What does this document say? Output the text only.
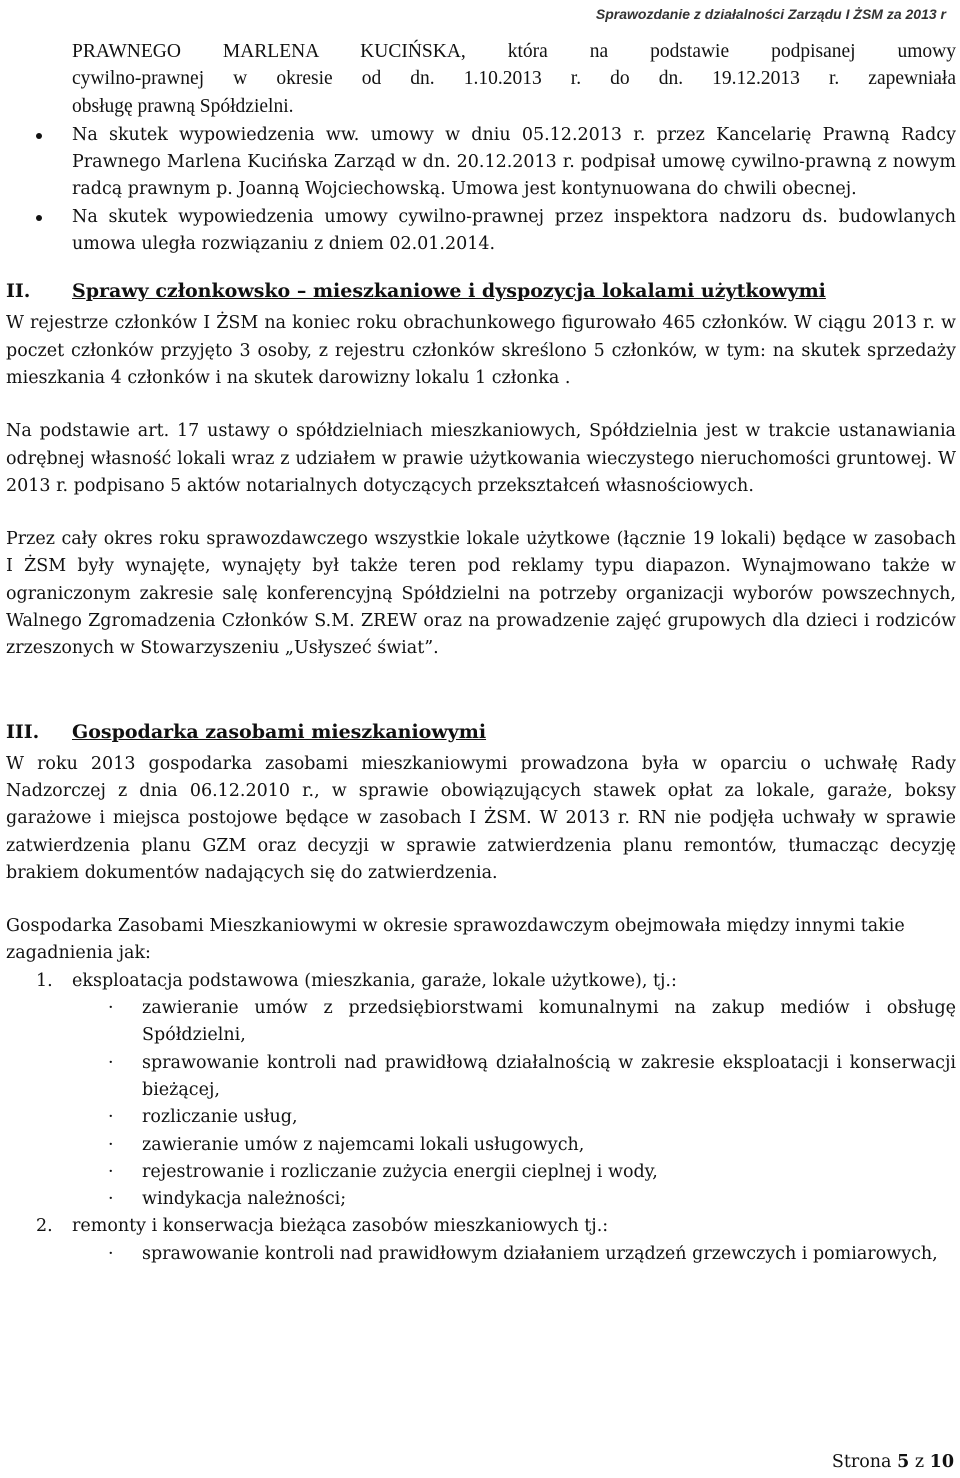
Sprawozdanie z działalności Zarządu I ŻSM za 2013 r
PRAWNEGO MARLENA KUCIŃSKA, która na podstawie podpisanej umowy
cywilno-prawnej w okresie od dn. 1.10.2013 r. do dn. 19.12.2013 r. zapewniała
obsługę prawną Spółdzielni.
Na skutek wypowiedzenia ww. umowy w dniu 05.12.2013 r. przez Kancelarię Prawną Radcy Prawnego Marlena Kucińska Zarząd w dn. 20.12.2013 r. podpisał umowę cywilno-prawną z nowym radcą prawnym p. Joanną Wojciechowską. Umowa jest kontynuowana do chwili obecnej.
Na skutek wypowiedzenia umowy cywilno-prawnej przez inspektora nadzoru ds. budowlanych umowa uległa rozwiązaniu z dniem 02.01.2014.
II.	Sprawy członkowsko – mieszkaniowe i dyspozycja lokalami użytkowymi

W rejestrze członków I ŻSM na koniec roku obrachunkowego figurowało 465 członków. W ciągu 2013 r. w poczet członków przyjęto 3 osoby, z rejestru członków skreślono 5 członków, w tym: na skutek sprzedaży mieszkania 4 członków i na skutek darowizny lokalu 1 członka .

Na podstawie art. 17 ustawy o spółdzielniach mieszkaniowych, Spółdzielnia jest w trakcie ustanawiania odrębnej własność lokali wraz z udziałem w prawie użytkowania wieczystego nieruchomości gruntowej. W 2013 r. podpisano 5 aktów notarialnych dotyczących przekształceń własnościowych.

Przez cały okres roku sprawozdawczego wszystkie lokale użytkowe (łącznie 19 lokali) będące w zasobach I ŻSM były wynajęte, wynajęty był także teren pod reklamy typu diapazon. Wynajmowano także w ograniczonym zakresie salę konferencyjną Spółdzielni na potrzeby organizacji wyborów powszechnych, Walnego Zgromadzenia Członków S.M. ZREW oraz na prowadzenie zajęć grupowych dla dzieci i rodziców zrzeszonych w Stowarzyszeniu „Usłyszeć świat”.

III.	Gospodarka zasobami mieszkaniowymi

W roku 2013 gospodarka zasobami mieszkaniowymi prowadzona była w oparciu o uchwałę Rady Nadzorczej z dnia 06.12.2010 r., w sprawie obowiązujących stawek opłat za lokale, garaże, boksy garażowe i miejsca postojowe będące w zasobach I ŻSM. W 2013 r. RN nie podjęła uchwały w sprawie zatwierdzenia planu GZM oraz decyzji w sprawie zatwierdzenia planu remontów, tłumacząc decyzję brakiem dokumentów nadających się do zatwierdzenia.

Gospodarka Zasobami Mieszkaniowymi w okresie sprawozdawczym obejmowała między innymi takie zagadnienia jak:

1. eksploatacja podstawowa (mieszkania, garaże, lokale użytkowe), tj.:
· zawieranie umów z przedsiębiorstwami komunalnymi na zakup mediów i obsługę Spółdzielni,
· sprawowanie kontroli nad prawidłową działalnością w zakresie eksploatacji i konserwacji bieżącej,
· rozliczanie usług,
· zawieranie umów z najemcami lokali usługowych,
· rejestrowanie i rozliczanie zużycia energii cieplnej i wody,
· windykacja należności;
2. remonty i konserwacja bieżąca zasobów mieszkaniowych tj.:
· sprawowanie kontroli nad prawidłowym działaniem urządzeń grzewczych i pomiarowych,
Strona 5 z 10
